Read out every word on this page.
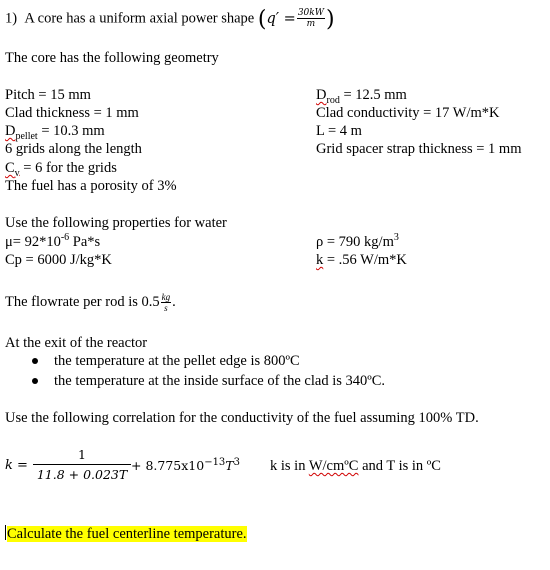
1) A core has a uniform axial power shape ($q' = \frac{30kW}{m}$ )
The core has the following geometry
Pitch = 15 mm
Clad thickness = 1 mm
$D_{pellet} = 10.3$ mm
6 grids along the length
$C_v = 6$ for the grids
The fuel has a porosity of 3%
$D_{rod} = 12.5$ mm
Clad conductivity = 17 W/m*K
L = 4 m
Grid spacer strap thickness = 1 mm
Use the following properties for water
$\mu= 92*10^{-6}$ Pa*s
Cp = 6000 J/kg*K
ρ = 790 $kg/m^3$
k = .56 W/m*K
The flowrate per rod is $0.5 \frac{kg}{s}$ .
At the exit of the reactor
the temperature at the pellet edge is 800ºC
the temperature at the inside surface of the clad is 340ºC.
Use the following correlation for the conductivity of the fuel assuming 100% TD.
k =
1
11.8 + 0.023T
+ $8.775x10^{-13}T^3$ k is in W/cmºC and T is in ºC
Calculate the fuel centerline temperature.
